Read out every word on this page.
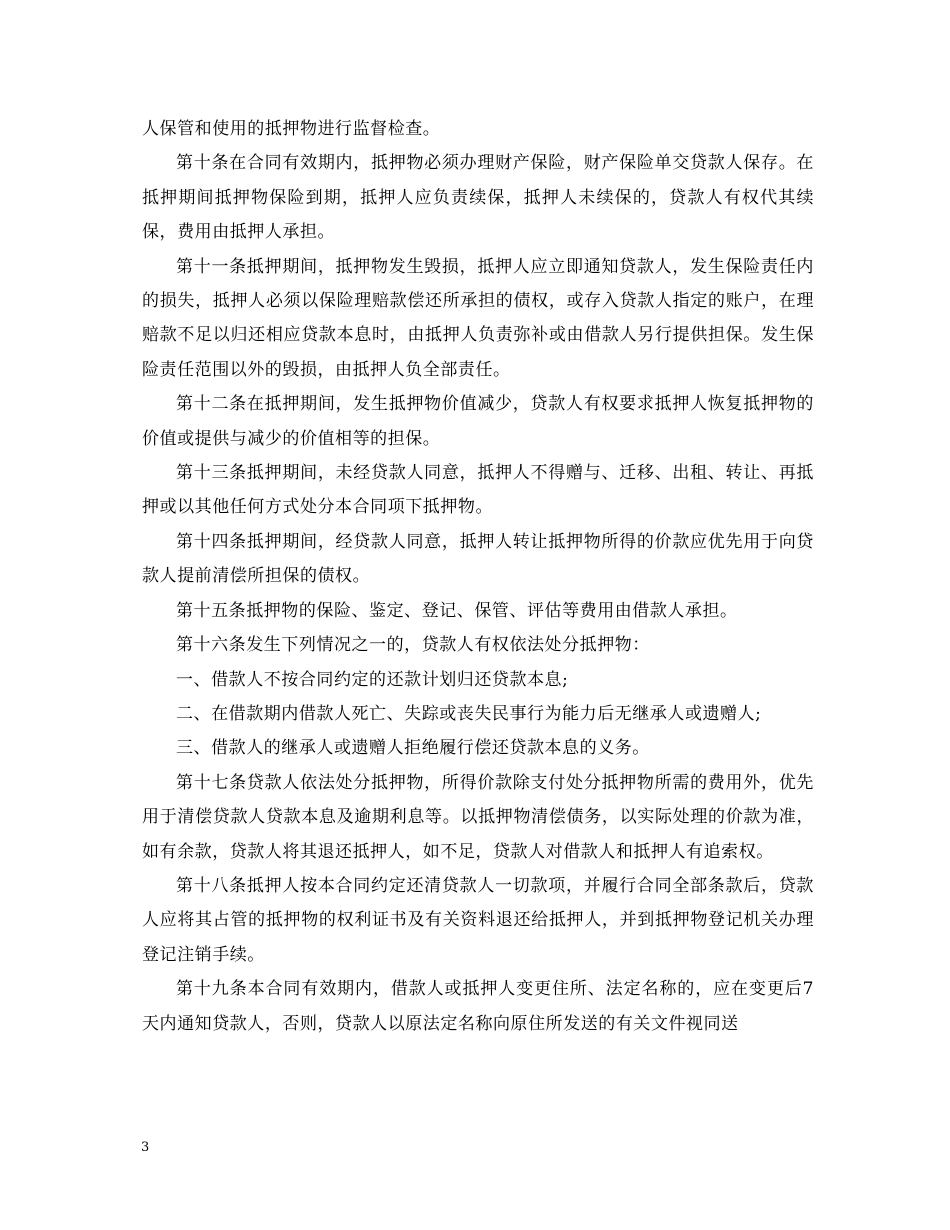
人保管和使用的抵押物进行监督检查。

第十条在合同有效期内，抵押物必须办理财产保险，财产保险单交贷款人保存。在抵押期间抵押物保险到期，抵押人应负责续保，抵押人未续保的，贷款人有权代其续保，费用由抵押人承担。

第十一条抵押期间，抵押物发生毁损，抵押人应立即通知贷款人，发生保险责任内的损失，抵押人必须以保险理赔款偿还所承担的债权，或存入贷款人指定的账户，在理赔款不足以归还相应贷款本息时，由抵押人负责弥补或由借款人另行提供担保。发生保险责任范围以外的毁损，由抵押人负全部责任。

第十二条在抵押期间，发生抵押物价值减少，贷款人有权要求抵押人恢复抵押物的价值或提供与减少的价值相等的担保。

第十三条抵押期间，未经贷款人同意，抵押人不得赠与、迁移、出租、转让、再抵押或以其他任何方式处分本合同项下抵押物。

第十四条抵押期间，经贷款人同意，抵押人转让抵押物所得的价款应优先用于向贷款人提前清偿所担保的债权。

第十五条抵押物的保险、鉴定、登记、保管、评估等费用由借款人承担。

第十六条发生下列情况之一的，贷款人有权依法处分抵押物：

一、借款人不按合同约定的还款计划归还贷款本息;

二、在借款期内借款人死亡、失踪或丧失民事行为能力后无继承人或遗赠人;

三、借款人的继承人或遗赠人拒绝履行偿还贷款本息的义务。

第十七条贷款人依法处分抵押物，所得价款除支付处分抵押物所需的费用外，优先用于清偿贷款人贷款本息及逾期利息等。以抵押物清偿债务，以实际处理的价款为准，如有余款，贷款人将其退还抵押人，如不足，贷款人对借款人和抵押人有追索权。

第十八条抵押人按本合同约定还清贷款人一切款项，并履行合同全部条款后，贷款人应将其占管的抵押物的权利证书及有关资料退还给抵押人，并到抵押物登记机关办理登记注销手续。

第十九条本合同有效期内，借款人或抵押人变更住所、法定名称的，应在变更后7天内通知贷款人，否则，贷款人以原法定名称向原住所发送的有关文件视同送

3
